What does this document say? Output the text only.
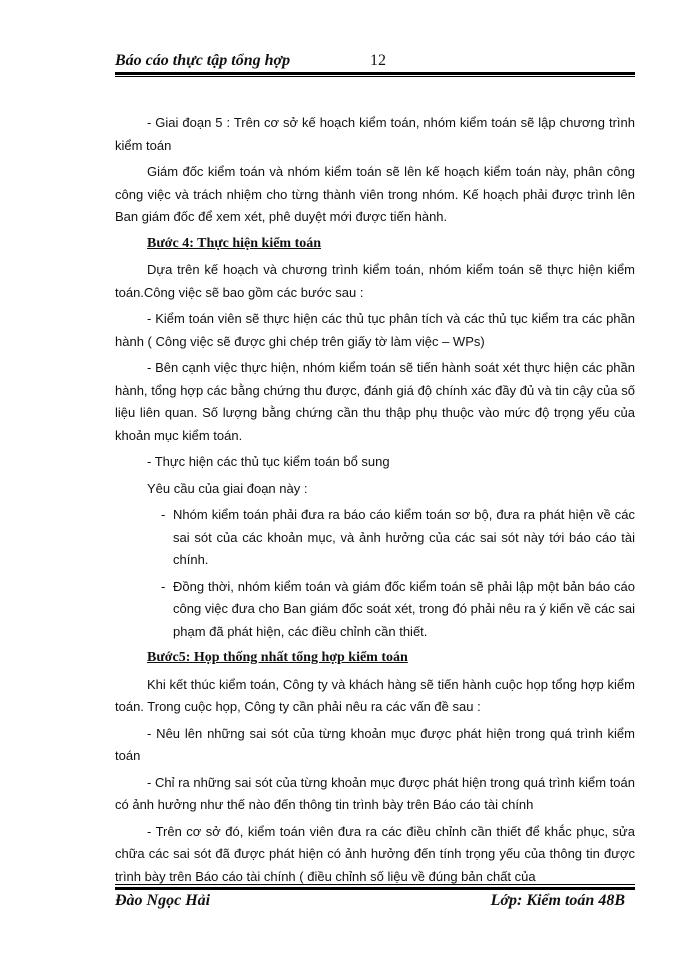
Báo cáo thực tập tổng hợp	12

- Giai đoạn 5 : Trên cơ sở kế hoạch kiểm toán, nhóm kiểm toán sẽ lập chương trình kiểm toán

Giám đốc kiểm toán và nhóm kiểm toán sẽ lên kế hoạch kiểm toán này, phân công công việc và trách nhiệm cho từng thành viên trong nhóm. Kế hoạch phải được trình lên Ban giám đốc để xem xét, phê duyệt mới được tiến hành.

Bước 4: Thực hiện kiểm toán

Dựa trên kế hoạch và chương trình kiểm toán, nhóm kiểm toán sẽ thực hiện kiểm toán.Công việc sẽ bao gồm các bước sau :

- Kiểm toán viên sẽ thực hiện các thủ tục phân tích và các thủ tục kiểm tra các phần hành ( Công việc sẽ được ghi chép trên giấy tờ làm việc – WPs)

- Bên cạnh việc thực hiện, nhóm kiểm toán sẽ tiến hành soát xét thực hiện các phần hành, tổng hợp các bằng chứng thu được, đánh giá độ chính xác đầy đủ và tin cậy của số liệu liên quan. Số lượng bằng chứng cần thu thập phụ thuộc vào mức độ trọng yếu của khoản mục kiểm toán.

- Thực hiện các thủ tục kiểm toán bổ sung

Yêu cầu của giai đoạn này :

- Nhóm kiểm toán phải đưa ra báo cáo kiểm toán sơ bộ, đưa ra phát hiện về các sai sót của các khoản mục, và ảnh hưởng của các sai sót này tới báo cáo tài chính.
- Đồng thời, nhóm kiểm toán và giám đốc kiểm toán sẽ phải lập một bản báo cáo công việc đưa cho Ban giám đốc soát xét, trong đó phải nêu ra ý kiến về các sai phạm đã phát hiện, các điều chỉnh cần thiết.

Bước5: Họp thống nhất tổng hợp kiểm toán

Khi kết thúc kiểm toán, Công ty và khách hàng sẽ tiến hành cuộc họp tổng hợp kiểm toán. Trong cuộc họp, Công ty cần phải nêu ra các vấn đề sau :

- Nêu lên những sai sót của từng khoản mục được phát hiện trong quá trình kiểm toán

- Chỉ ra những sai sót của từng khoản mục được phát hiện trong quá trình kiểm toán có ảnh hưởng như thế nào đến thông tin trình bày trên Báo cáo tài chính

- Trên cơ sở đó, kiểm toán viên đưa ra các điều chỉnh cần thiết để khắc phục, sửa chữa các sai sót đã được phát hiện có ảnh hưởng đến tính trọng yếu của thông tin được trình bày trên Báo cáo tài chính ( điều chỉnh số liệu về đúng bản chất của

Đào Ngọc Hải	Lớp: Kiểm toán 48B
